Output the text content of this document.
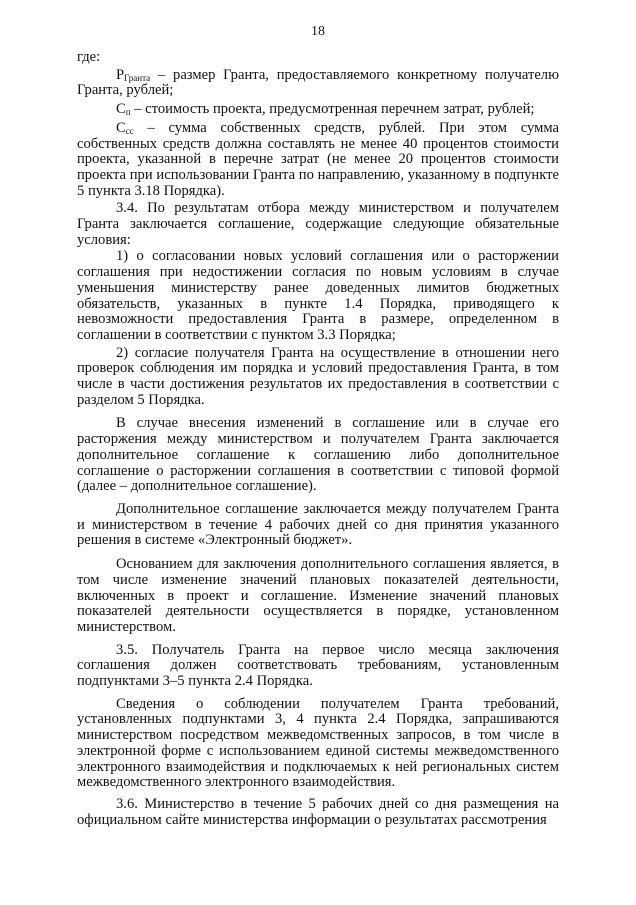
18

где:

$Р_{Гранта}$ – размер Гранта, предоставляемого конкретному получателю Гранта, рублей;

$С_п$ – стоимость проекта, предусмотренная перечнем затрат, рублей;

$С_{сс}$ – сумма собственных средств, рублей. При этом сумма собственных средств должна составлять не менее 40 процентов стоимости проекта, указанной в перечне затрат (не менее 20 процентов стоимости проекта при использовании Гранта по направлению, указанному в подпункте 5 пункта 3.18 Порядка).

3.4. По результатам отбора между министерством и получателем Гранта заключается соглашение, содержащие следующие обязательные условия:

1) о согласовании новых условий соглашения или о расторжении соглашения при недостижении согласия по новым условиям в случае уменьшения министерству ранее доведенных лимитов бюджетных обязательств, указанных в пункте 1.4 Порядка, приводящего к невозможности предоставления Гранта в размере, определенном в соглашении в соответствии с пунктом 3.3 Порядка;

2) согласие получателя Гранта на осуществление в отношении него проверок соблюдения им порядка и условий предоставления Гранта, в том числе в части достижения результатов их предоставления в соответствии с разделом 5 Порядка.

В случае внесения изменений в соглашение или в случае его расторжения между министерством и получателем Гранта заключается дополнительное соглашение к соглашению либо дополнительное соглашение о расторжении соглашения в соответствии с типовой формой (далее – дополнительное соглашение).

Дополнительное соглашение заключается между получателем Гранта и министерством в течение 4 рабочих дней со дня принятия указанного решения в системе «Электронный бюджет».

Основанием для заключения дополнительного соглашения является, в том числе изменение значений плановых показателей деятельности, включенных в проект и соглашение. Изменение значений плановых показателей деятельности осуществляется в порядке, установленном министерством.

3.5. Получатель Гранта на первое число месяца заключения соглашения должен соответствовать требованиям, установленным подпунктами 3–5 пункта 2.4 Порядка.

Сведения о соблюдении получателем Гранта требований, установленных подпунктами 3, 4 пункта 2.4 Порядка, запрашиваются министерством посредством межведомственных запросов, в том числе в электронной форме с использованием единой системы межведомственного электронного взаимодействия и подключаемых к ней региональных систем межведомственного электронного взаимодействия.

3.6. Министерство в течение 5 рабочих дней со дня размещения на официальном сайте министерства информации о результатах рассмотрения
